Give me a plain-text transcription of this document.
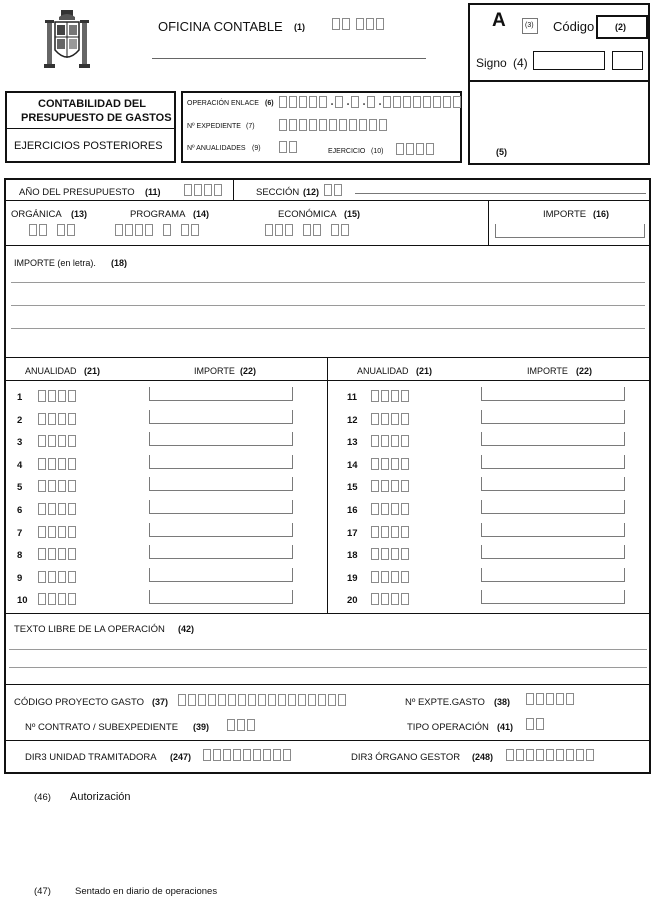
OFICINA CONTABLE (1)	A	(3) Código (2)
Signo (4)
(5)
CONTABILIDAD DEL
PRESUPUESTO DE GASTOS
EJERCICIOS POSTERIORES
OPERACIÓN ENLACE (6)	. . . .
Nº EXPEDIENTE (7)
Nº ANUALIDADES (9)	EJERCICIO (10)
AÑO DEL PRESUPUESTO (11)	SECCIÓN (12)
ORGÁNICA (13)	PROGRAMA (14)	ECONÓMICA (15)	IMPORTE (16)
IMPORTE (en letra). (18)
ANUALIDAD (21)	IMPORTE (22)	ANUALIDAD (21)	IMPORTE (22)
1
2
3
4
5
6
7
8
9
10
11
12
13
14
15
16
17
18
19
20
TEXTO LIBRE DE LA OPERACIÓN (42)
CÓDIGO PROYECTO GASTO (37)	Nº EXPTE.GASTO (38)
Nº CONTRATO / SUBEXPEDIENTE (39)	TIPO OPERACIÓN (41)
DIR3 UNIDAD TRAMITADORA (247)	DIR3 ÓRGANO GESTOR (248)
(46) Autorización
(47)	Sentado en diario de operaciones
